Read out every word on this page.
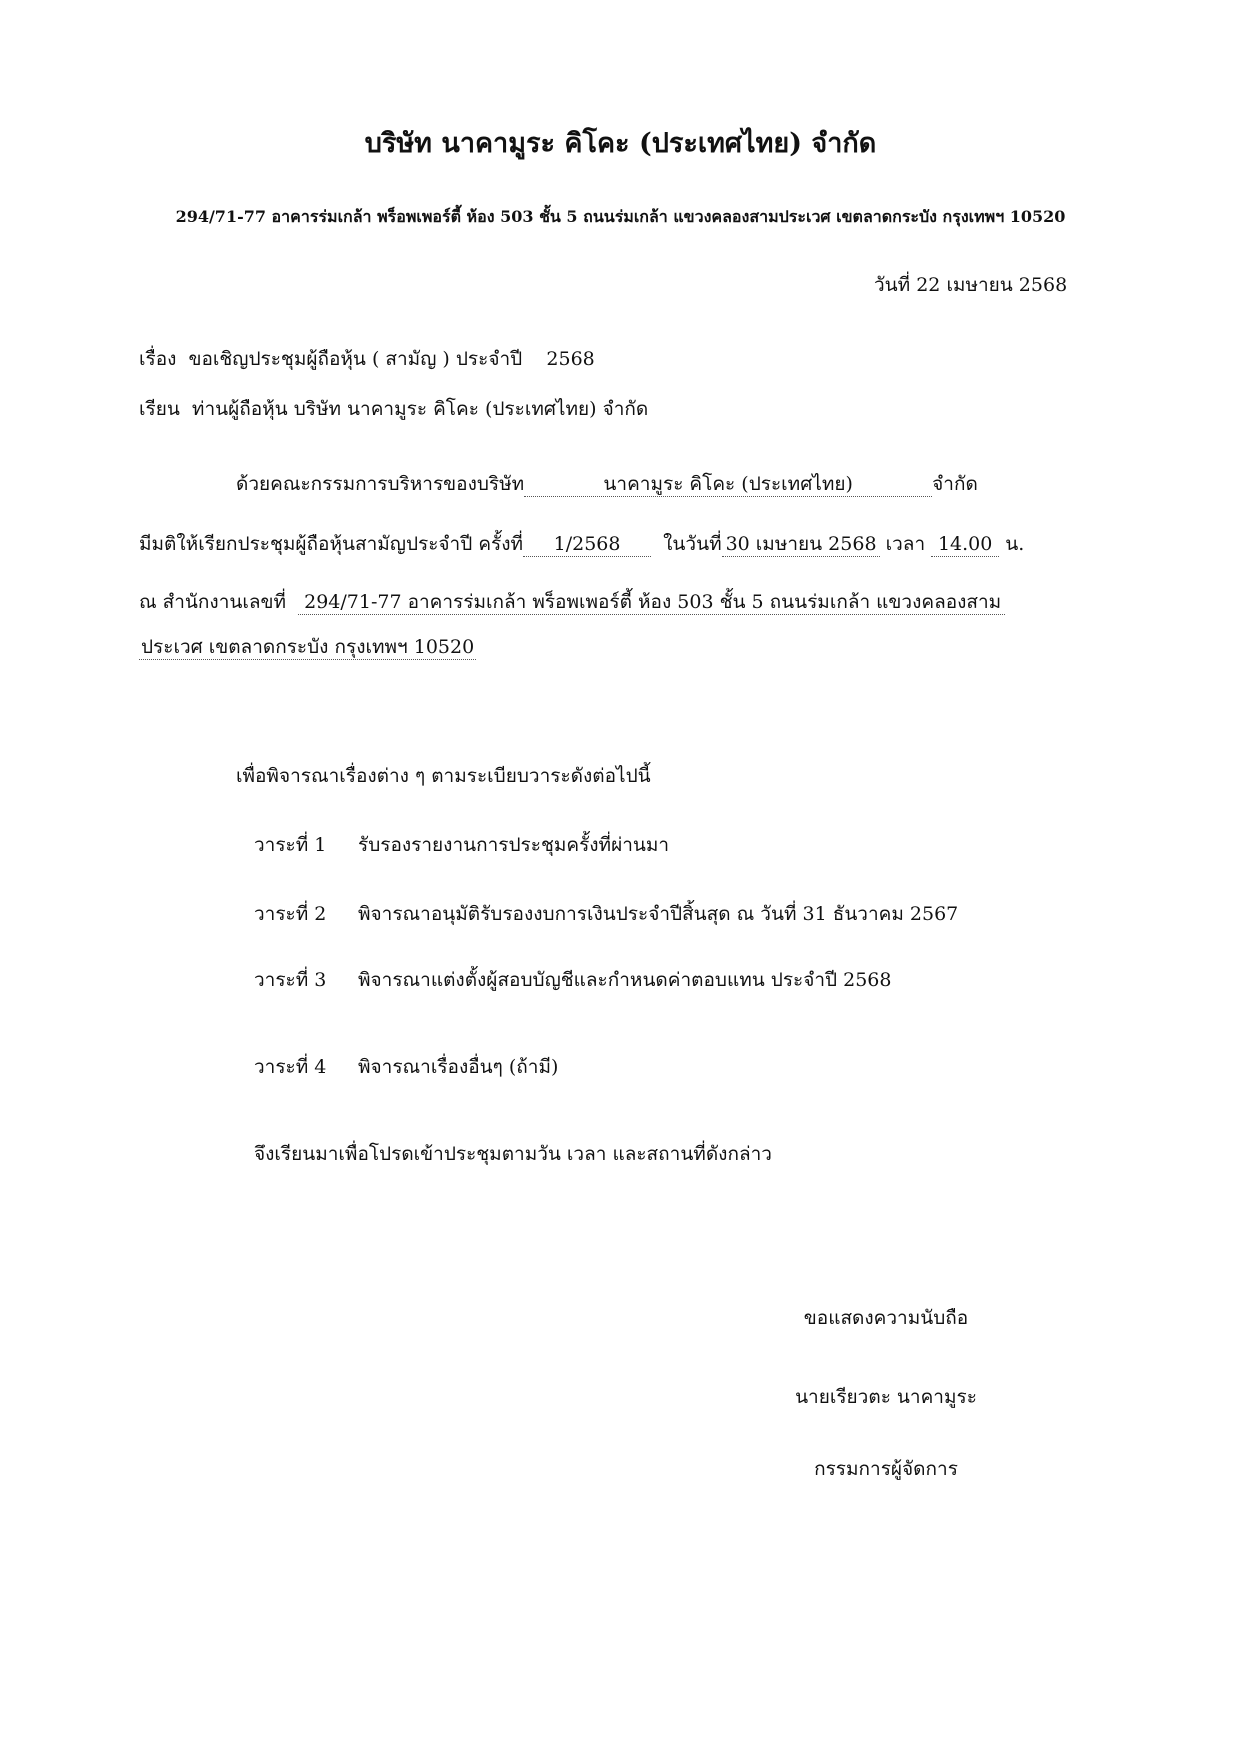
บริษัท นาคามูระ คิโคะ (ประเทศไทย) จำกัด
294/71-77 อาคารร่มเกล้า พร็อพเพอร์ตี้ ห้อง 503 ชั้น 5 ถนนร่มเกล้า แขวงคลองสามประเวศ เขตลาดกระบัง กรุงเทพฯ 10520
วันที่ 22 เมษายน 2568
เรื่อง ขอเชิญประชุมผู้ถือหุ้น ( สามัญ ) ประจำปี 2568
เรียน ท่านผู้ถือหุ้น บริษัท นาคามูระ คิโคะ (ประเทศไทย) จำกัด
ด้วยคณะกรรมการบริหารของบริษัท	นาคามูระ คิโคะ (ประเทศไทย)	จำกัด
มีมติให้เรียกประชุมผู้ถือหุ้นสามัญประจำปี ครั้งที่ 1/2568 ในวันที่ 30 เมษายน 2568 เวลา 14.00 น.
ณ สำนักงานเลขที่ 294/71-77 อาคารร่มเกล้า พร็อพเพอร์ตี้ ห้อง 503 ชั้น 5 ถนนร่มเกล้า แขวงคลองสาม
ประเวศ เขตลาดกระบัง กรุงเทพฯ 10520
เพื่อพิจารณาเรื่องต่าง ๆ ตามระเบียบวาระดังต่อไปนี้
วาระที่ 1 รับรองรายงานการประชุมครั้งที่ผ่านมา
วาระที่ 2 พิจารณาอนุมัติรับรองงบการเงินประจำปีสิ้นสุด ณ วันที่ 31 ธันวาคม 2567
วาระที่ 3 พิจารณาแต่งตั้งผู้สอบบัญชีและกำหนดค่าตอบแทน ประจำปี 2568
วาระที่ 4 พิจารณาเรื่องอื่นๆ (ถ้ามี)
จึงเรียนมาเพื่อโปรดเข้าประชุมตามวัน เวลา และสถานที่ดังกล่าว
ขอแสดงความนับถือ
นายเรียวตะ นาคามูระ
กรรมการผู้จัดการ
